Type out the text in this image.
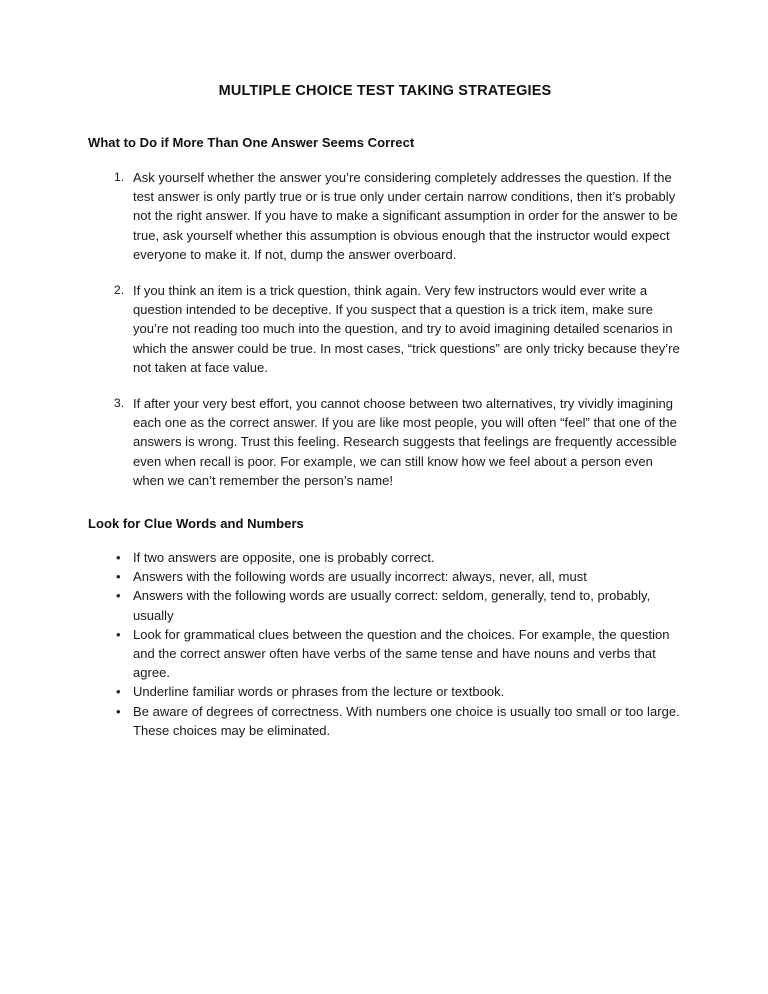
MULTIPLE CHOICE TEST TAKING STRATEGIES
What to Do if More Than One Answer Seems Correct
1. Ask yourself whether the answer you’re considering completely addresses the question. If the test answer is only partly true or is true only under certain narrow conditions, then it’s probably not the right answer. If you have to make a significant assumption in order for the answer to be true, ask yourself whether this assumption is obvious enough that the instructor would expect everyone to make it. If not, dump the answer overboard.
2. If you think an item is a trick question, think again. Very few instructors would ever write a question intended to be deceptive. If you suspect that a question is a trick item, make sure you’re not reading too much into the question, and try to avoid imagining detailed scenarios in which the answer could be true. In most cases, “trick questions” are only tricky because they’re not taken at face value.
3. If after your very best effort, you cannot choose between two alternatives, try vividly imagining each one as the correct answer. If you are like most people, you will often “feel” that one of the answers is wrong. Trust this feeling. Research suggests that feelings are frequently accessible even when recall is poor. For example, we can still know how we feel about a person even when we can’t remember the person’s name!
Look for Clue Words and Numbers
• If two answers are opposite, one is probably correct.
• Answers with the following words are usually incorrect: always, never, all, must
• Answers with the following words are usually correct: seldom, generally, tend to, probably, usually
• Look for grammatical clues between the question and the choices. For example, the question and the correct answer often have verbs of the same tense and have nouns and verbs that agree.
• Underline familiar words or phrases from the lecture or textbook.
• Be aware of degrees of correctness. With numbers one choice is usually too small or too large. These choices may be eliminated.
